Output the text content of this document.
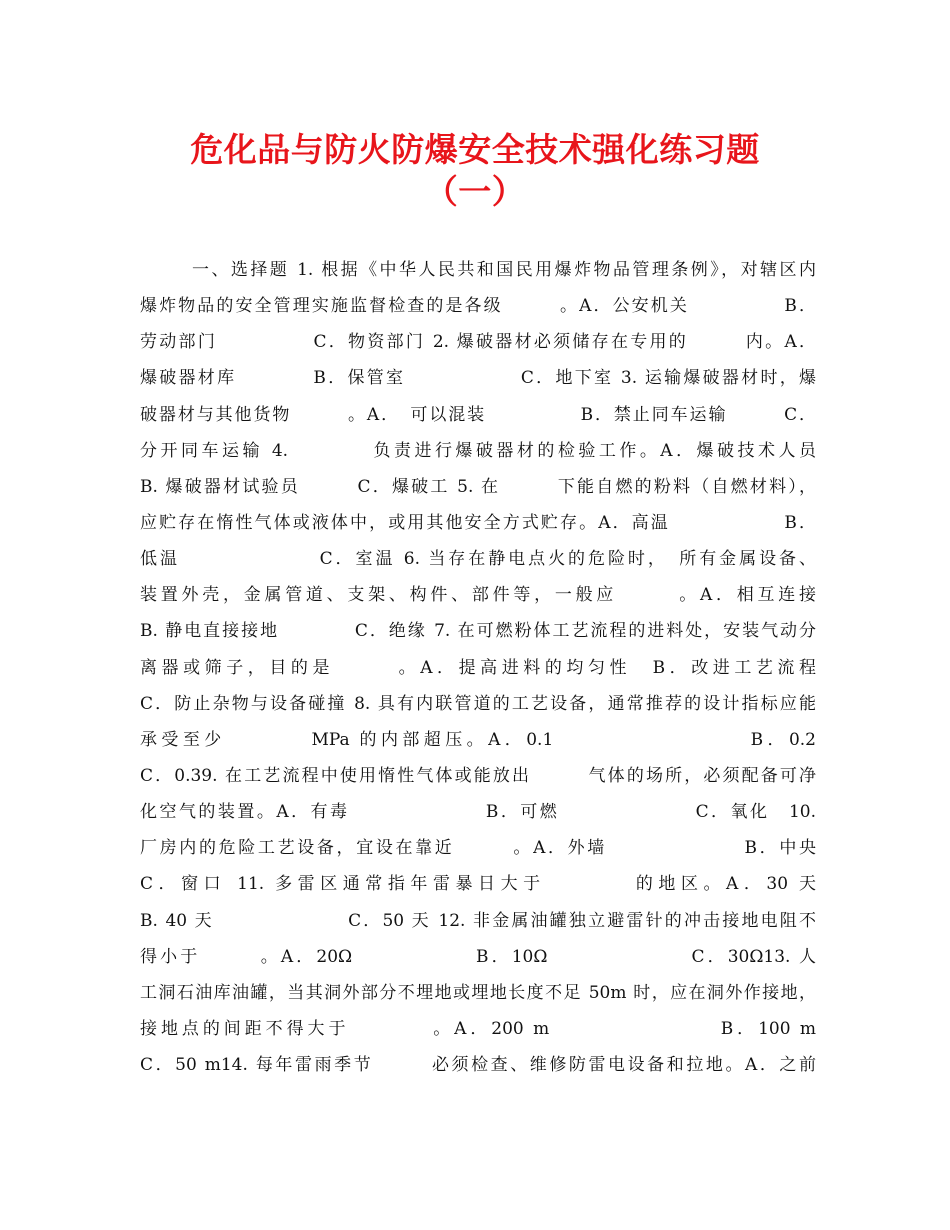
危化品与防火防爆安全技术强化练习题
（一）
一、选择题 1. 根据《中华人民共和国民用爆炸物品管理条例》，对辖区内
爆炸物品的安全管理实施监督检查的是各级　　　。A．公安机关　　　　　B．
劳动部门　　　　　C．物资部门 2. 爆破器材必须储存在专用的　　　内。A．
爆破器材库　　　　B．保管室　　　　　　C．地下室 3. 运输爆破器材时，爆
破器材与其他货物　　　。A．　可以混装　　　　　B．禁止同车运输　　　C．
分开同车运输 4.　　　　负责进行爆破器材的检验工作。A．爆破技术人员
B. 爆破器材试验员　　　C．爆破工 5. 在　　　下能自燃的粉料（自燃材料），
应贮存在惰性气体或液体中，或用其他安全方式贮存。A．高温　　　　　　B．
低温　　　　　　　C．室温 6. 当存在静电点火的危险时，　所有金属设备、
装置外壳，金属管道、支架、构件、部件等，一般应　　　。A．相互连接
B. 静电直接接地　　　　C．绝缘 7. 在可燃粉体工艺流程的进料处，安装气动分
离器或筛子，目的是　　　。A．提高进料的均匀性　B．改进工艺流程
C．防止杂物与设备碰撞 8. 具有内联管道的工艺设备，通常推荐的设计指标应能
承受至少　　　　MPa 的内部超压。A．0.1　　　　　　　　　B．0.2
C．0.39. 在工艺流程中使用惰性气体或能放出　　　气体的场所，必须配备可净
化空气的装置。A．有毒　　　　　　　B．可燃　　　　　　　C．氧化　10.
厂房内的危险工艺设备，宜设在靠近　　　。A．外墙　　　　　　　B．中央
C．窗口 11. 多雷区通常指年雷暴日大于　　　　的地区。A．30 天
B. 40 天　　　　　　　C．50 天 12. 非金属油罐独立避雷针的冲击接地电阻不
得小于　　　。A．20Ω　　　　　　B．10Ω　　　　　　　C．30Ω13. 人
工洞石油库油罐，当其洞外部分不埋地或埋地长度不足 50m 时，应在洞外作接地，
接地点的间距不得大于　　　　。A．200 m　　　　　　　　B．100 m
C．50 m14. 每年雷雨季节　　　必须检查、维修防雷电设备和拉地。A．之前
